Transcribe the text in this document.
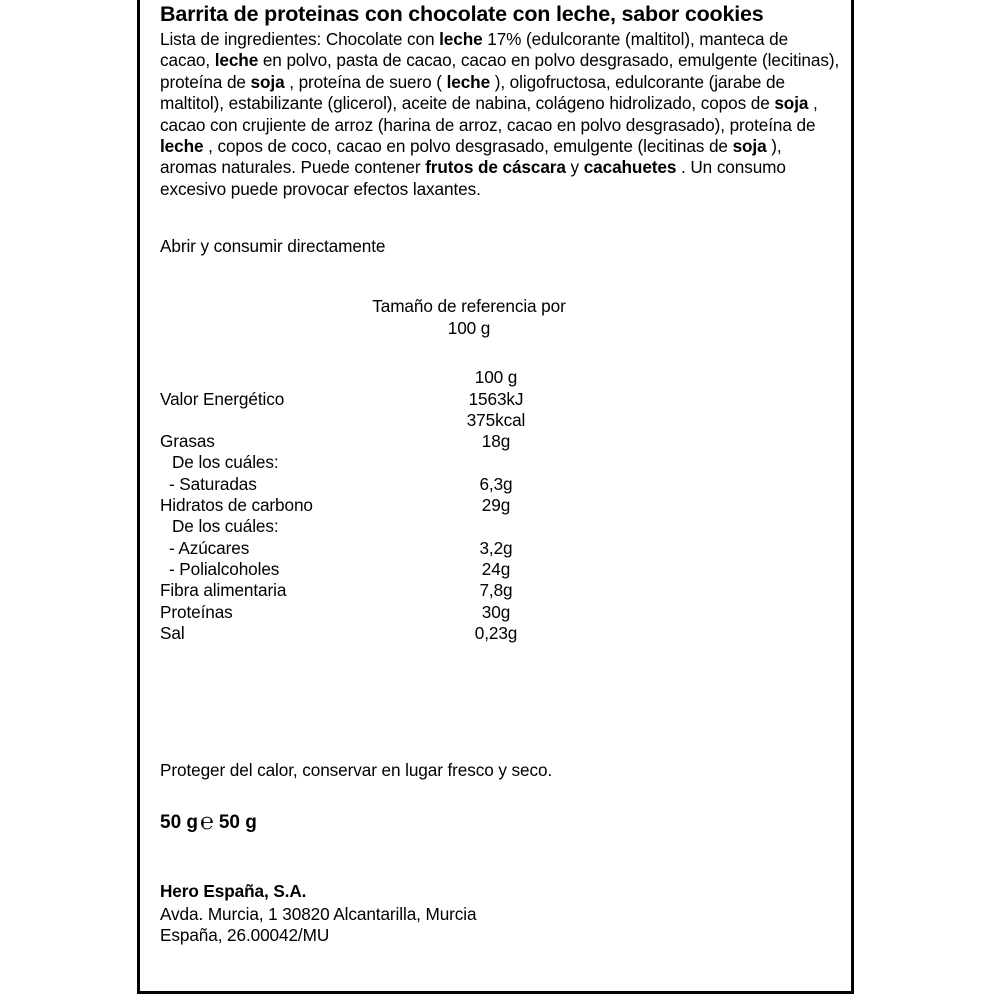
Barrita de proteinas con chocolate con leche, sabor cookies

Lista de ingredientes: Chocolate con leche 17% (edulcorante (maltitol), manteca de cacao, leche en polvo, pasta de cacao, cacao en polvo desgrasado, emulgente (lecitinas), proteína de soja , proteína de suero ( leche ), oligofructosa, edulcorante (jarabe de maltitol), estabilizante (glicerol), aceite de nabina, colágeno hidrolizado, copos de soja , cacao con crujiente de arroz (harina de arroz, cacao en polvo desgrasado), proteína de leche , copos de coco, cacao en polvo desgrasado, emulgente (lecitinas de soja ), aromas naturales. Puede contener frutos de cáscara y cacahuetes . Un consumo excesivo puede provocar efectos laxantes.

Abrir y consumir directamente

Tamaño de referencia por
100 g
	100 g
Valor Energético	1563kJ
	375kcal
Grasas	18g
De los cuáles:	
- Saturadas	6,3g
Hidratos de carbono	29g
De los cuáles:	
- Azúcares	3,2g
- Polialcoholes	24g
Fibra alimentaria	7,8g
Proteínas	30g
Sal	0,23g

Proteger del calor, conservar en lugar fresco y seco.

50 g ℮ 50 g
Hero España, S.A.
Avda. Murcia, 1 30820 Alcantarilla, Murcia
España, 26.00042/MU
